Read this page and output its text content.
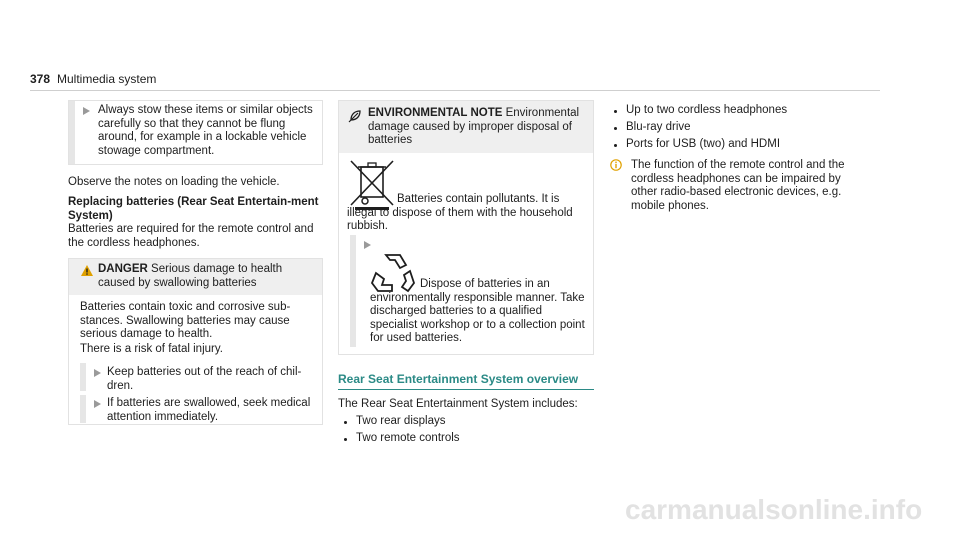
378 Multimedia system

Always stow these items or similar objects carefully so that they cannot be flung around, for example in a lockable vehicle stowage compartment.

Observe the notes on loading the vehicle.

Replacing batteries (Rear Seat Entertain-ment System)

Batteries are required for the remote control and the cordless headphones.

DANGER Serious damage to health caused by swallowing batteries

Batteries contain toxic and corrosive sub-stances. Swallowing batteries may cause serious damage to health.

There is a risk of fatal injury.

Keep batteries out of the reach of chil-dren.

If batteries are swallowed, seek medical attention immediately.

ENVIRONMENTAL NOTE Environmental damage caused by improper disposal of batteries

Batteries contain pollutants. It is illegal to dispose of them with the household rubbish.

Dispose of batteries in an environmentally responsible manner. Take discharged batteries to a qualified specialist workshop or to a collection point for used batteries.

Rear Seat Entertainment System overview

The Rear Seat Entertainment System includes:

Two rear displays

Two remote controls

Up to two cordless headphones

Blu-ray drive

Ports for USB (two) and HDMI

The function of the remote control and the cordless headphones can be impaired by other radio-based electronic devices, e.g. mobile phones.

carmanualsonline.info
